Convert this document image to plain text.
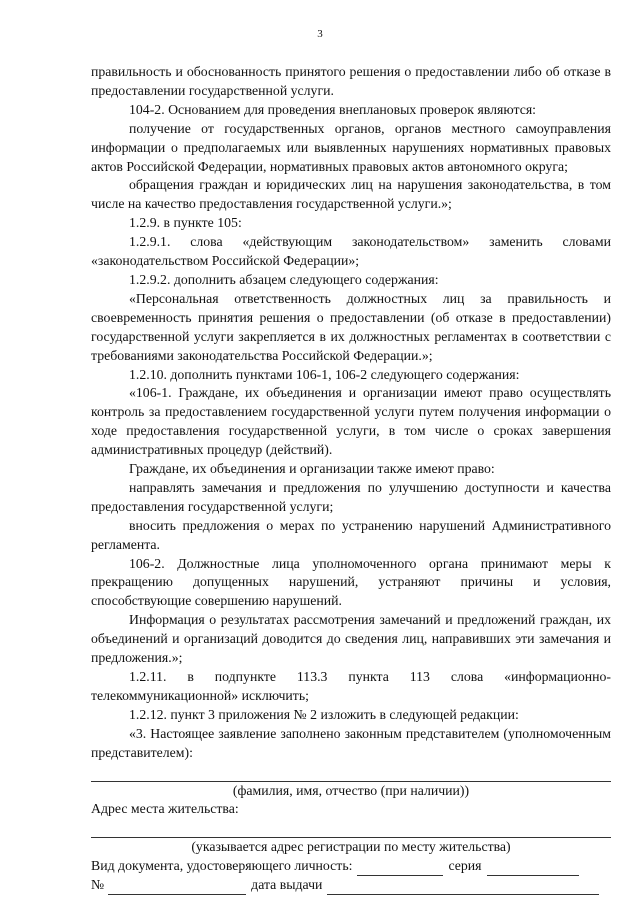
3

правильность и обоснованность принятого решения о предоставлении либо об отказе в предоставлении государственной услуги.

104-2. Основанием для проведения внеплановых проверок являются:

получение от государственных органов, органов местного самоуправления информации о предполагаемых или выявленных нарушениях нормативных правовых актов Российской Федерации, нормативных правовых актов автономного округа;

обращения граждан и юридических лиц на нарушения законодательства, в том числе на качество предоставления государственной услуги.»;

1.2.9. в пункте 105:

1.2.9.1. слова «действующим законодательством» заменить словами «законодательством Российской Федерации»;

1.2.9.2. дополнить абзацем следующего содержания:

«Персональная ответственность должностных лиц за правильность и своевременность принятия решения о предоставлении (об отказе в предоставлении) государственной услуги закрепляется в их должностных регламентах в соответствии с требованиями законодательства Российской Федерации.»;

1.2.10. дополнить пунктами 106-1, 106-2 следующего содержания:

«106-1. Граждане, их объединения и организации имеют право осуществлять контроль за предоставлением государственной услуги путем получения информации о ходе предоставления государственной услуги, в том числе о сроках завершения административных процедур (действий).

Граждане, их объединения и организации также имеют право:

направлять замечания и предложения по улучшению доступности и качества предоставления государственной услуги;

вносить предложения о мерах по устранению нарушений Административного регламента.

106-2. Должностные лица уполномоченного органа принимают меры к прекращению допущенных нарушений, устраняют причины и условия, способствующие совершению нарушений.

Информация о результатах рассмотрения замечаний и предложений граждан, их объединений и организаций доводится до сведения лиц, направивших эти замечания и предложения.»;

1.2.11. в подпункте 113.3 пункта 113 слова «информационно-телекоммуникационной» исключить;

1.2.12. пункт 3 приложения № 2 изложить в следующей редакции:

«3. Настоящее заявление заполнено законным представителем (уполномоченным представителем):

(фамилия, имя, отчество (при наличии))

Адрес места жительства:

(указывается адрес регистрации по месту жительства)

Вид документа, удостоверяющего личность:	серия
№	дата выдачи
